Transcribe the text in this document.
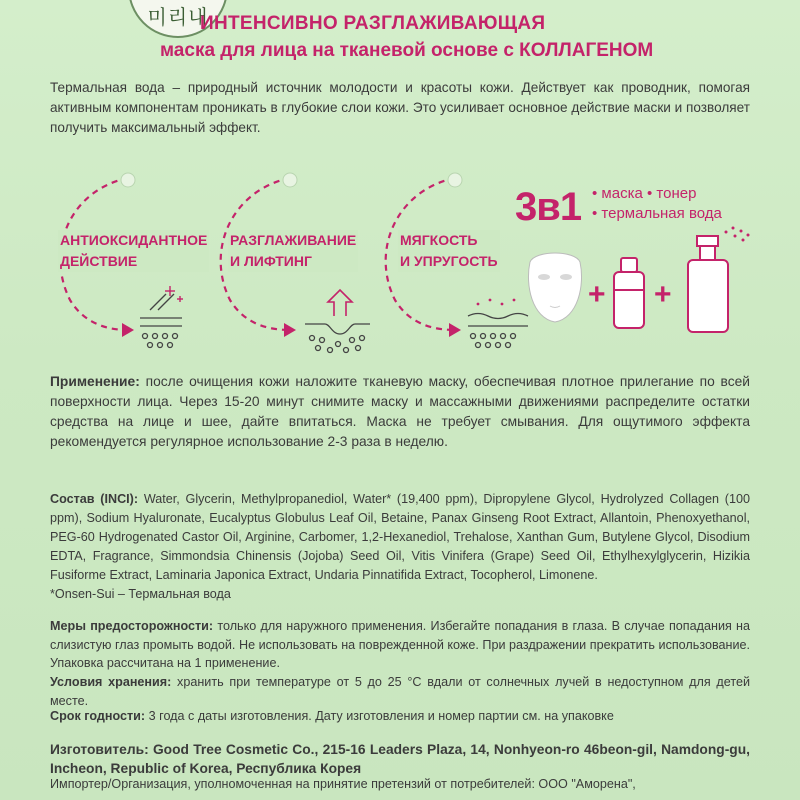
미리내
ИНТЕНСИВНО РАЗГЛАЖИВАЮЩАЯ
маска для лица на тканевой основе с КОЛЛАГЕНОМ

Термальная вода – природный источник молодости и красоты кожи. Действует как проводник, помогая активным компонентам проникать в глубокие слои кожи. Это усиливает основное действие маски и позволяет получить максимальный эффект.

АНТИОКСИДАНТНОЕ
ДЕЙСТВИЕ
РАЗГЛАЖИВАНИЕ
И ЛИФТИНГ
МЯГКОСТЬ
И УПРУГОСТЬ
3в1 • маска • тонер
• термальная вода
+ +

Применение: после очищения кожи наложите тканевую маску, обеспечивая плотное прилегание по всей поверхности лица. Через 15-20 минут снимите маску и массажными движениями распределите остатки средства на лице и шее, дайте впитаться. Маска не требует смывания. Для ощутимого эффекта рекомендуется регулярное использование 2-3 раза в неделю.

Состав (INCI): Water, Glycerin, Methylpropanediol, Water* (19,400 ppm), Dipropylene Glycol, Hydrolyzed Collagen (100 ppm), Sodium Hyaluronate, Eucalyptus Globulus Leaf Oil, Betaine, Panax Ginseng Root Extract, Allantoin, Phenoxyethanol, PEG-60 Hydrogenated Castor Oil, Arginine, Carbomer, 1,2-Hexanediol, Trehalose, Xanthan Gum, Butylene Glycol, Disodium EDTA, Fragrance, Simmondsia Chinensis (Jojoba) Seed Oil, Vitis Vinifera (Grape) Seed Oil, Ethylhexylglycerin, Hizikia Fusiforme Extract, Laminaria Japonica Extract, Undaria Pinnatifida Extract, Tocopherol, Limonene.

*Onsen-Sui – Термальная вода

Меры предосторожности: только для наружного применения. Избегайте попадания в глаза. В случае попадания на слизистую глаз промыть водой. Не использовать на поврежденной коже. При раздражении прекратить использование. Упаковка рассчитана на 1 применение.

Условия хранения: хранить при температуре от 5 до 25 °С вдали от солнечных лучей в недоступном для детей месте.

Срок годности: 3 года с даты изготовления. Дату изготовления и номер партии см. на упаковке

Изготовитель: Good Tree Cosmetic Co., 215-16 Leaders Plaza, 14, Nonhyeon-ro 46beon-gil, Namdong-gu, Incheon, Republic of Korea, Республика Корея

Импортер/Организация, уполномоченная на принятие претензий от потребителей: ООО "Аморена",
